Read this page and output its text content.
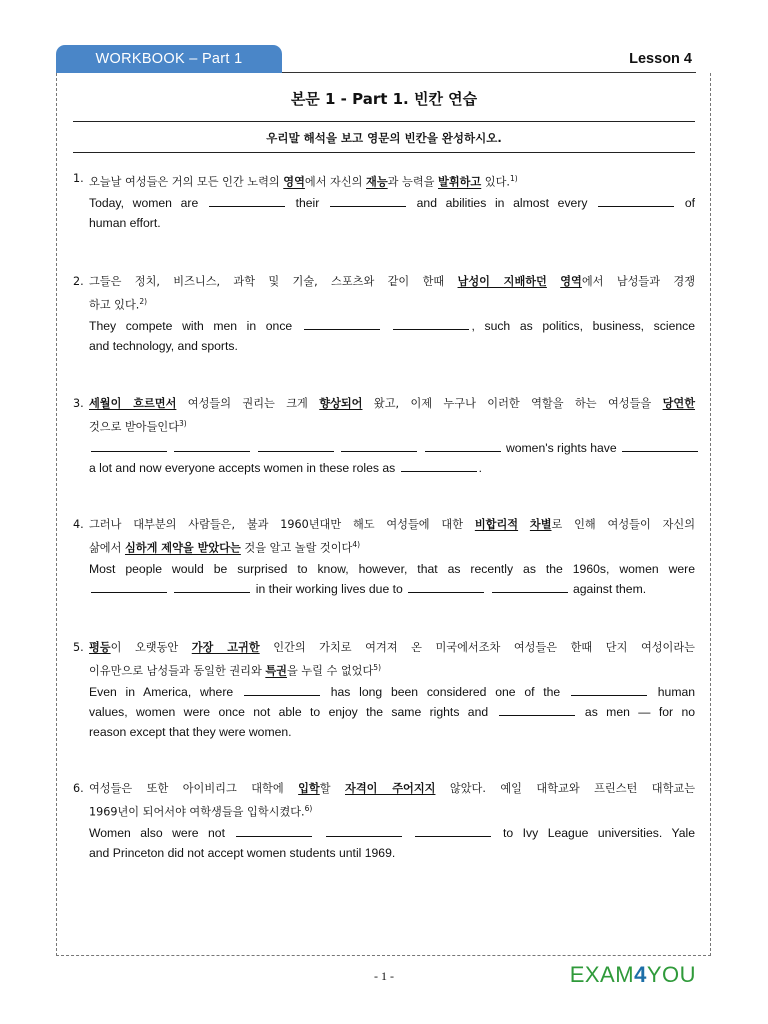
WORKBOOK – Part 1	Lesson 4
본문 1 - Part 1. 빈칸 연습
우리말 해석을 보고 영문의 빈칸을 완성하시오.
1. 오늘날 여성들은 거의 모든 인간 노력의 영역에서 자신의 재능과 능력을 발휘하고 있다.$^{1)}$
Today, women are	their	and abilities in almost every	of
human effort.
2. 그들은 정치, 비즈니스, 과학 및 기술, 스포츠와 같이 한때 남성이 지배하던 영역에서 남성들과 경쟁
하고 있다.$^{2)}$
They compete with men in once	, such as politics, business, science
and technology, and sports.
3. 세월이 흐르면서 여성들의 권리는 크게 향상되어 왔고, 이제 누구나 이러한 역할을 하는 여성들을 당연한
것으로 받아들인다$^{3)}$
women's rights have
a lot and now everyone accepts women in these roles as	.
4. 그러나 대부분의 사람들은, 불과 1960년대만 해도 여성들에 대한 비합리적 차별로 인해 여성들이 자신의
삶에서 심하게 제약을 받았다는 것을 알고 놀랄 것이다$^{4)}$
Most people would be surprised to know, however, that as recently as the 1960s, women were
in their working lives due to	against them.
5. 평등이 오랫동안 가장 고귀한 인간의 가치로 여겨져 온 미국에서조차 여성들은 한때 단지 여성이라는
이유만으로 남성들과 동일한 권리와 특권을 누릴 수 없었다$^{5)}$
Even in America, where	has long been considered one of the	human
values, women were once not able to enjoy the same rights and	as men — for no
reason except that they were women.
6. 여성들은 또한 아이비리그 대학에 입학할 자격이 주어지지 않았다. 예일 대학교와 프린스턴 대학교는
1969년이 되어서야 여학생들을 입학시켰다.$^{6)}$
Women also were not	to Ivy League universities. Yale
and Princeton did not accept women students until 1969.
- 1 -	EXAM4YOU
